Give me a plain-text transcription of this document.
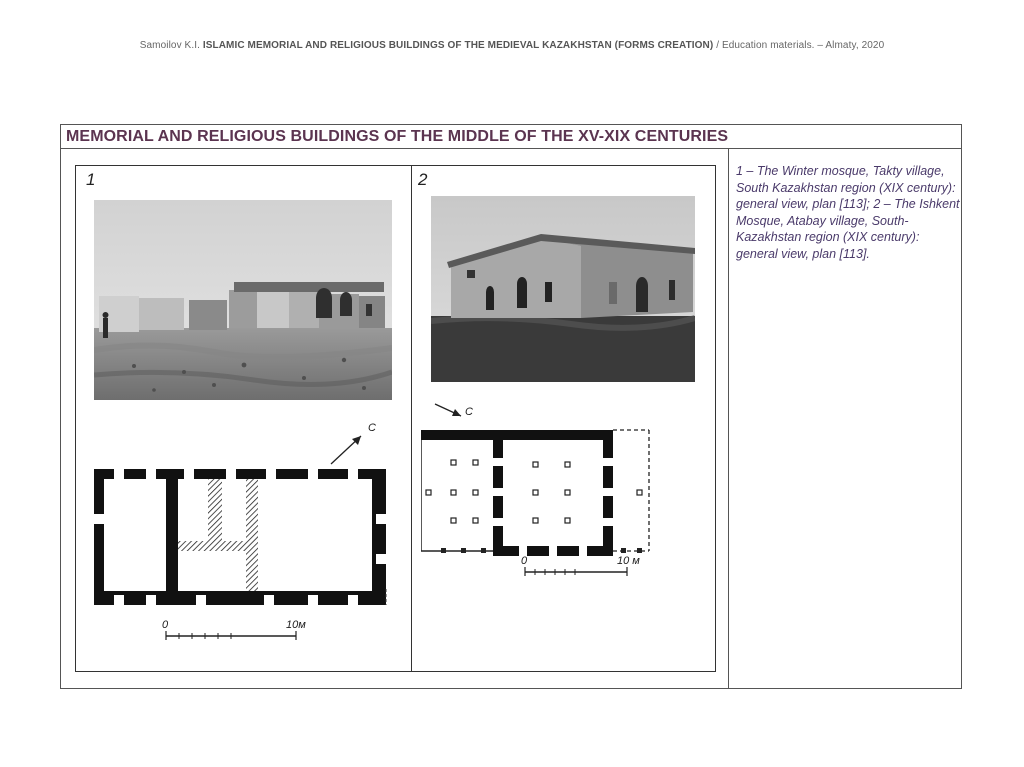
Samoilov K.I. ISLAMIC MEMORIAL AND RELIGIOUS BUILDINGS OF THE MEDIEVAL KAZAKHSTAN (FORMS CREATION) / Education materials. – Almaty, 2020
MEMORIAL AND RELIGIOUS BUILDINGS OF THE MIDDLE OF THE XV-XIX CENTURIES
1
С
0	10м
2
С
0	10 м
1 – The Winter mosque, Takty village, South Kazakhstan region (XIX century): general view, plan [113]; 2 – The Ishkent Mosque, Atabay village, South-Kazakhstan region (XIX century): general view, plan [113].
